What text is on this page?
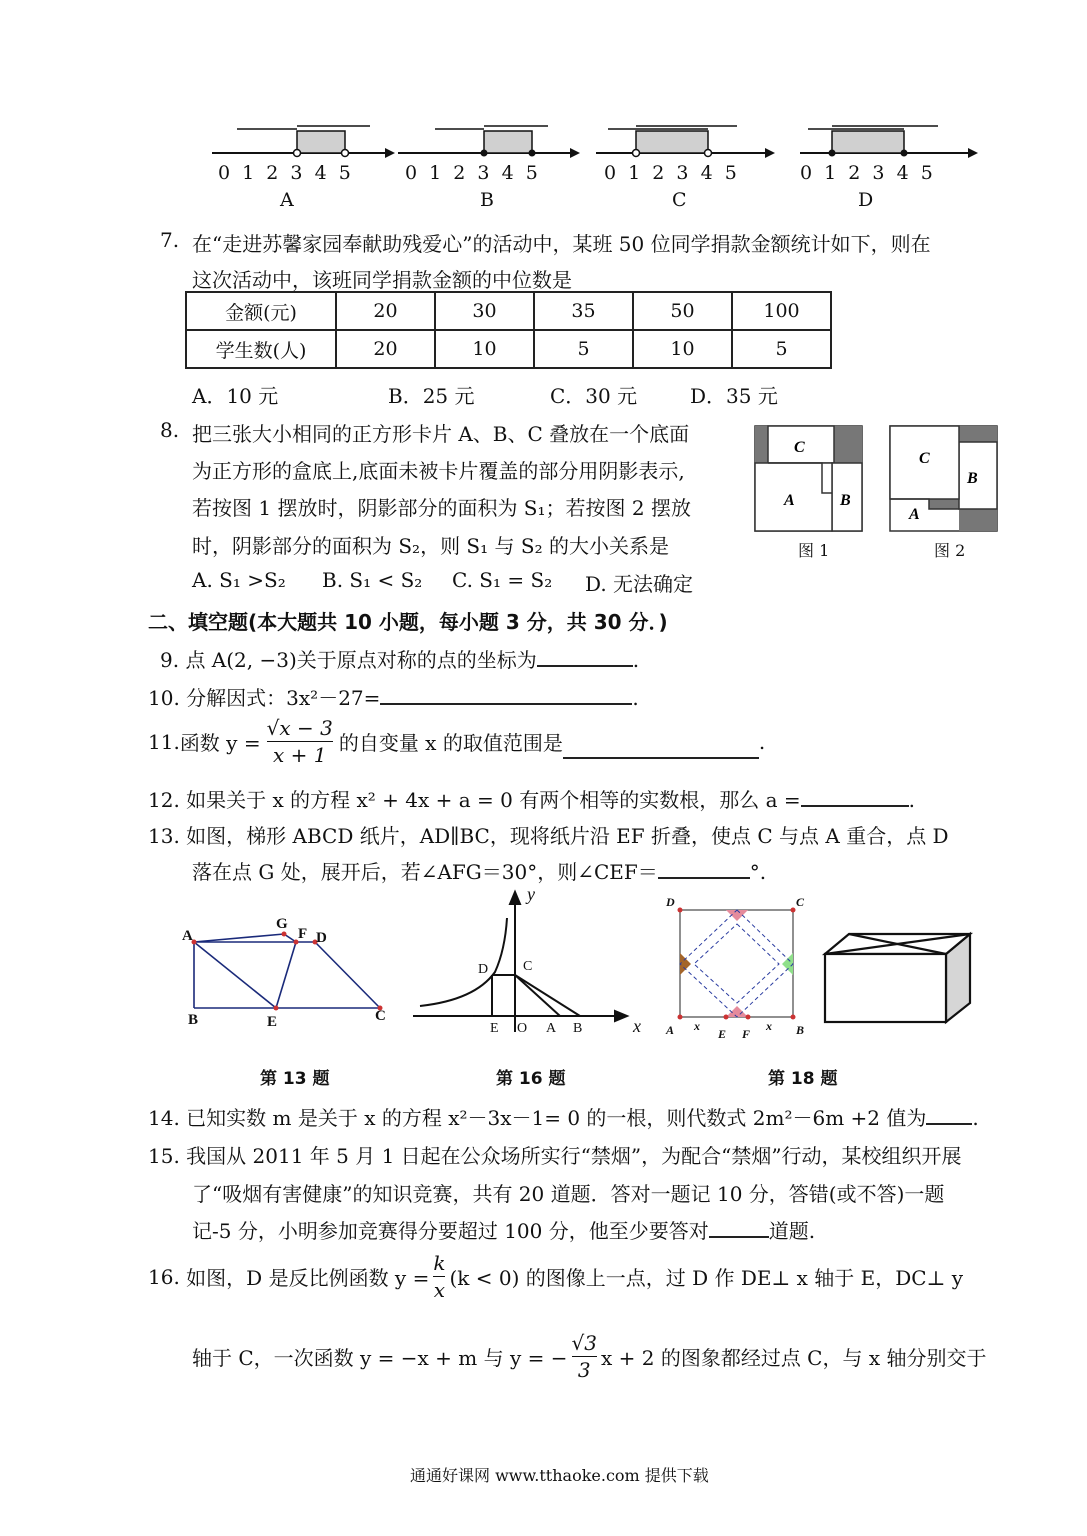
0 1 2 3 4 5	0 1 2 3 4 5	0 1 2 3 4 5	0 1 2 3 4 5
A	B	C	D
7. 在“走进苏馨家园奉献助残爱心”的活动中，某班 50 位同学捐款金额统计如下，则在
这次活动中，该班同学捐款金额的中位数是
金额(元)	20	30	35	50	100
学生数(人)	20	10	5	10	5
A．10 元	B．25 元	C．30 元	D．35 元
8. 把三张大小相同的正方形卡片 A、B、C 叠放在一个底面
为正方形的盒底上,底面未被卡片覆盖的部分用阴影表示,
若按图 1 摆放时，阴影部分的面积为 S₁；若按图 2 摆放
时，阴影部分的面积为 S₂，则 S₁ 与 S₂ 的大小关系是
A. S₁ >S₂ B. S₁ < S₂ C. S₁ = S₂ D. 无法确定
C
A	B
C
B
A
图 1	图 2
二、填空题(本大题共 10 小题，每小题 3 分，共 30 分．)
9. 点 A(2, −3)关于原点对称的点的坐标为	.
10. 分解因式：3x²－27=	.
11. 函数 $y = \frac{√x - 3}{x + 1}$ 的自变量 x 的取值范围是	.
12. 如果关于 x 的方程 x² + 4x + a = 0 有两个相等的实数根，那么 a =	.
13. 如图，梯形 ABCD 纸片，AD∥BC，现将纸片沿 EF 折叠，使点 C 与点 A 重合，点 D
落在点 G 处，展开后，若∠AFG＝30°，则∠CEF＝	°.
A
G
F D
B	E	C
y
D C
E O A B	x
D	C
A x
E F
x B
第 13 题	第 16 题	第 18 题
14. 已知实数 m 是关于 x 的方程 x²－3x－1= 0 的一根，则代数式 2m²－6m +2 值为 .
15. 我国从 2011 年 5 月 1 日起在公众场所实行“禁烟”，为配合“禁烟”行动，某校组织开展
了“吸烟有害健康”的知识竞赛，共有 20 道题．答对一题记 10 分，答错(或不答)一题
记-5 分，小明参加竞赛得分要超过 100 分，他至少要答对	道题.
16.
如图，D 是反比例函数 $y = \frac{k}{x} (k < 0)$ 的图像上一点，过 D 作 DE⊥ x 轴于 E，DC⊥ y
轴于 C，一次函数 y = −x + m 与 y = − $\frac{√3}{3}$ x + 2 的图象都经过点 C，与 x 轴分别交于
通通好课网 www.tthaoke.com 提供下载
